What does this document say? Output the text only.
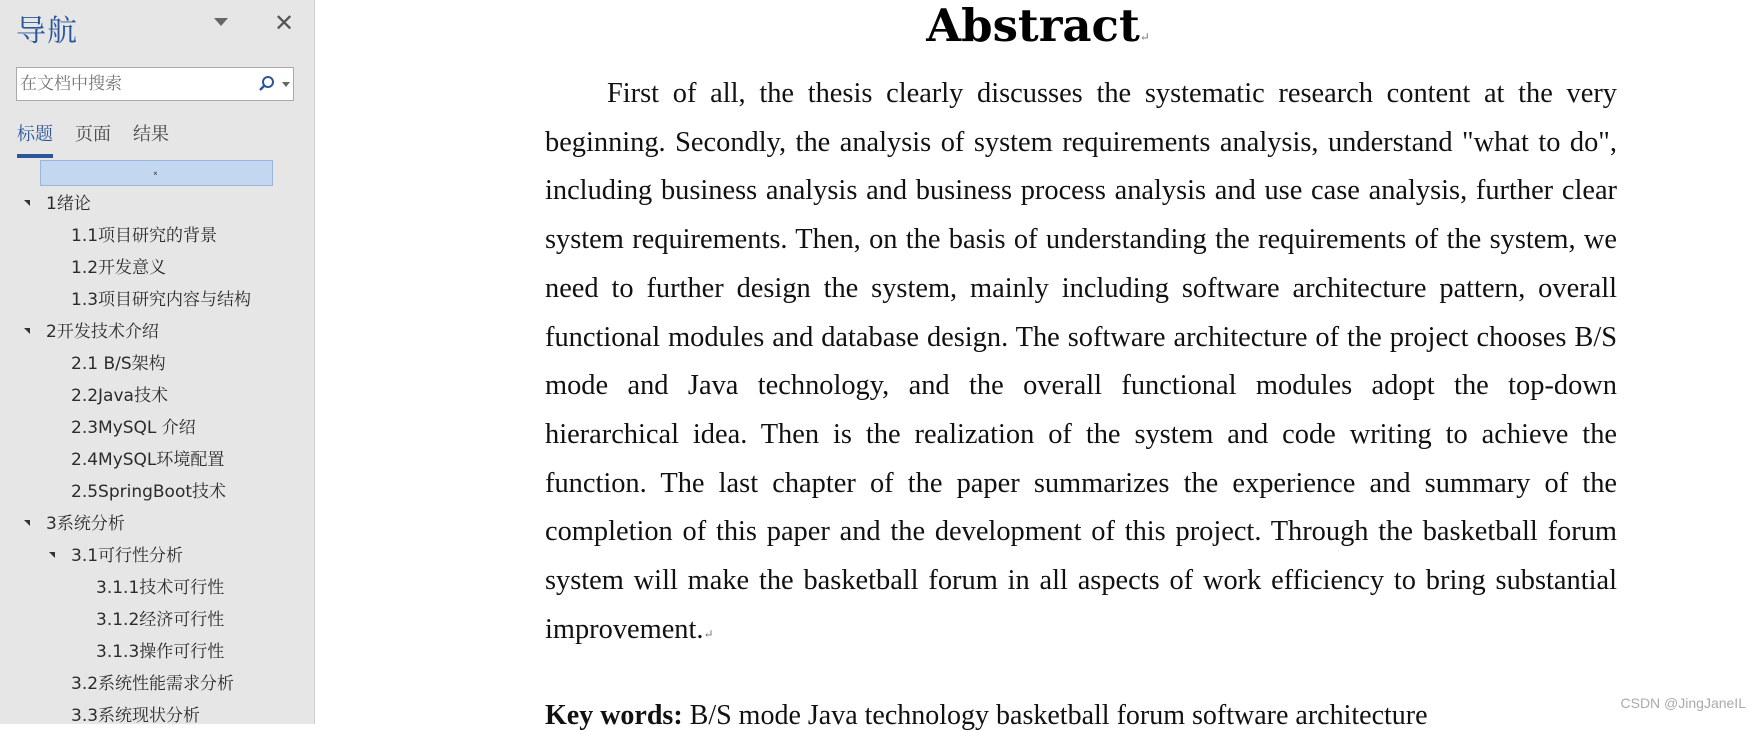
导航	✕
在文档中搜索
标题 页面 结果
⌅
1绪论
1.1项目研究的背景
1.2开发意义
1.3项目研究内容与结构
2开发技术介绍
2.1 B/S架构
2.2Java技术
2.3MySQL 介绍
2.4MySQL环境配置
2.5SpringBoot技术
3系统分析
3.1可行性分析
3.1.1技术可行性
3.1.2经济可行性
3.1.3操作可行性
3.2系统性能需求分析
3.3系统现状分析
Abstract↵
First of all, the thesis clearly discusses the systematic research content at the very beginning. Secondly, the analysis of system requirements analysis, understand "what to do", including business analysis and business process analysis and use case analysis, further clear system requirements. Then, on the basis of understanding the requirements of the system, we need to further design the system, mainly including software architecture pattern, overall functional modules and database design. The software architecture of the project chooses B/S mode and Java technology, and the overall functional modules adopt the top-down hierarchical idea. Then is the realization of the system and code writing to achieve the function. The last chapter of the paper summarizes the experience and summary of the completion of this paper and the development of this project. Through the basketball forum system will make the basketball forum in all aspects of work efficiency to bring substantial improvement.↵
Key words: B/S mode Java technology basketball forum software architecture	CSDN @JingJaneIL
